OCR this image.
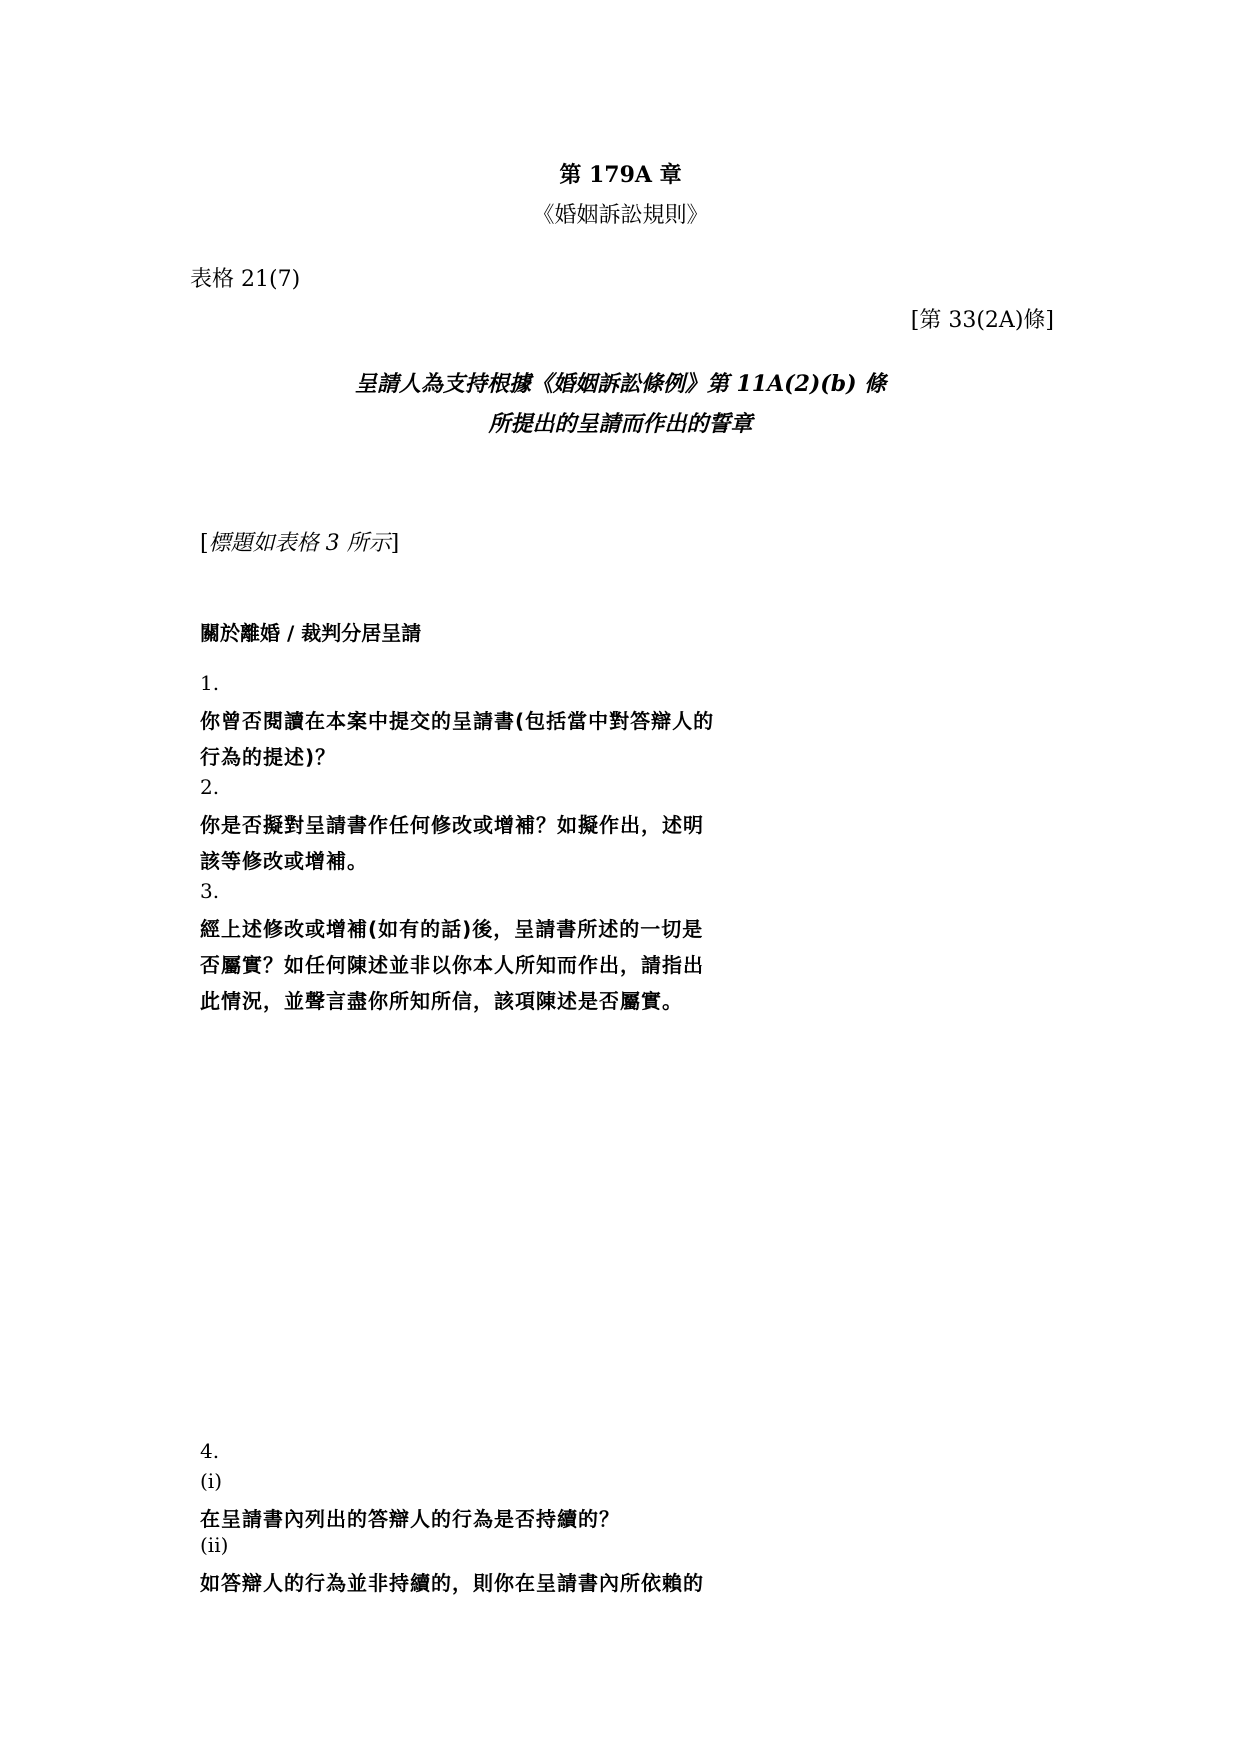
第 179A 章

《婚姻訴訟規則》

表格 21(7)

[第 33(2A)條]

呈請人為支持根據《婚姻訴訟條例》第 11A(2)(b) 條

所提出的呈請而作出的誓章

[標題如表格 3 所示]

關於離婚 / 裁判分居呈請

1.

你曾否閱讀在本案中提交的呈請書(包括當中對答辯人的

行為的提述)？

2.

你是否擬對呈請書作任何修改或增補？如擬作出，述明

該等修改或增補。

3.

經上述修改或增補(如有的話)後，呈請書所述的一切是

否屬實？如任何陳述並非以你本人所知而作出，請指出

此情況，並聲言盡你所知所信，該項陳述是否屬實。

4.

(i)

在呈請書內列出的答辯人的行為是否持續的？

(ii)

如答辯人的行為並非持續的，則你在呈請書內所依賴的
